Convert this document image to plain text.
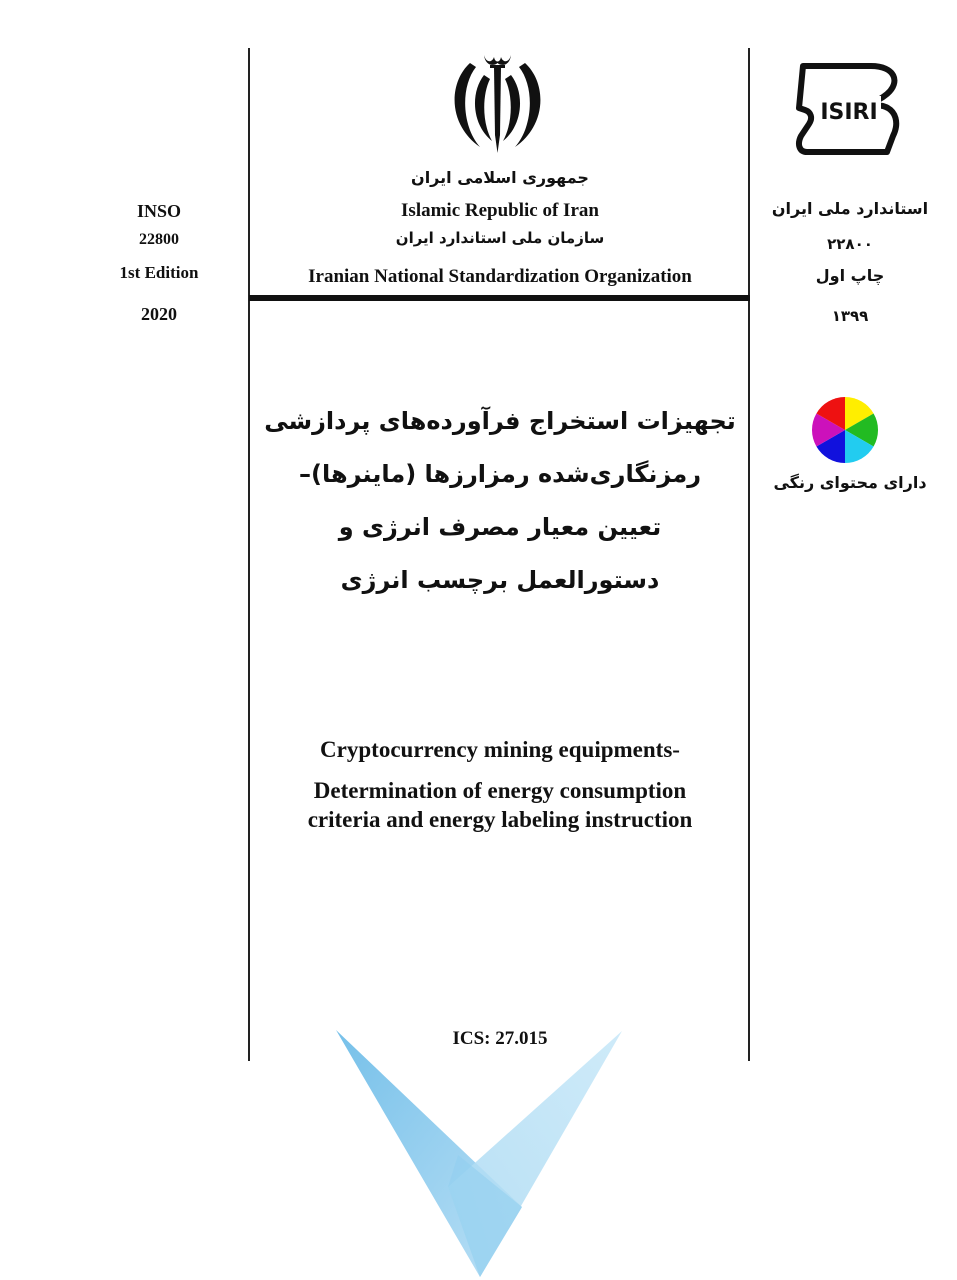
INSO
22800
1st Edition
2020
جمهوری اسلامی ایران
Islamic Republic of Iran
سازمان ملی استاندارد ایران
Iranian National Standardization Organization
ISIRI
استاندارد ملی ایران
۲۲۸۰۰
چاپ اول
۱۳۹۹
دارای محتوای رنگی
تجهیزات استخراج فرآورده‌های پردازشی
رمزنگاری‌شده رمزارزها (ماینرها)–
تعیین معیار مصرف انرژی و
دستورالعمل برچسب انرژی
Cryptocurrency mining equipments-
Determination of energy consumption
criteria and energy labeling instruction
ICS: 27.015
